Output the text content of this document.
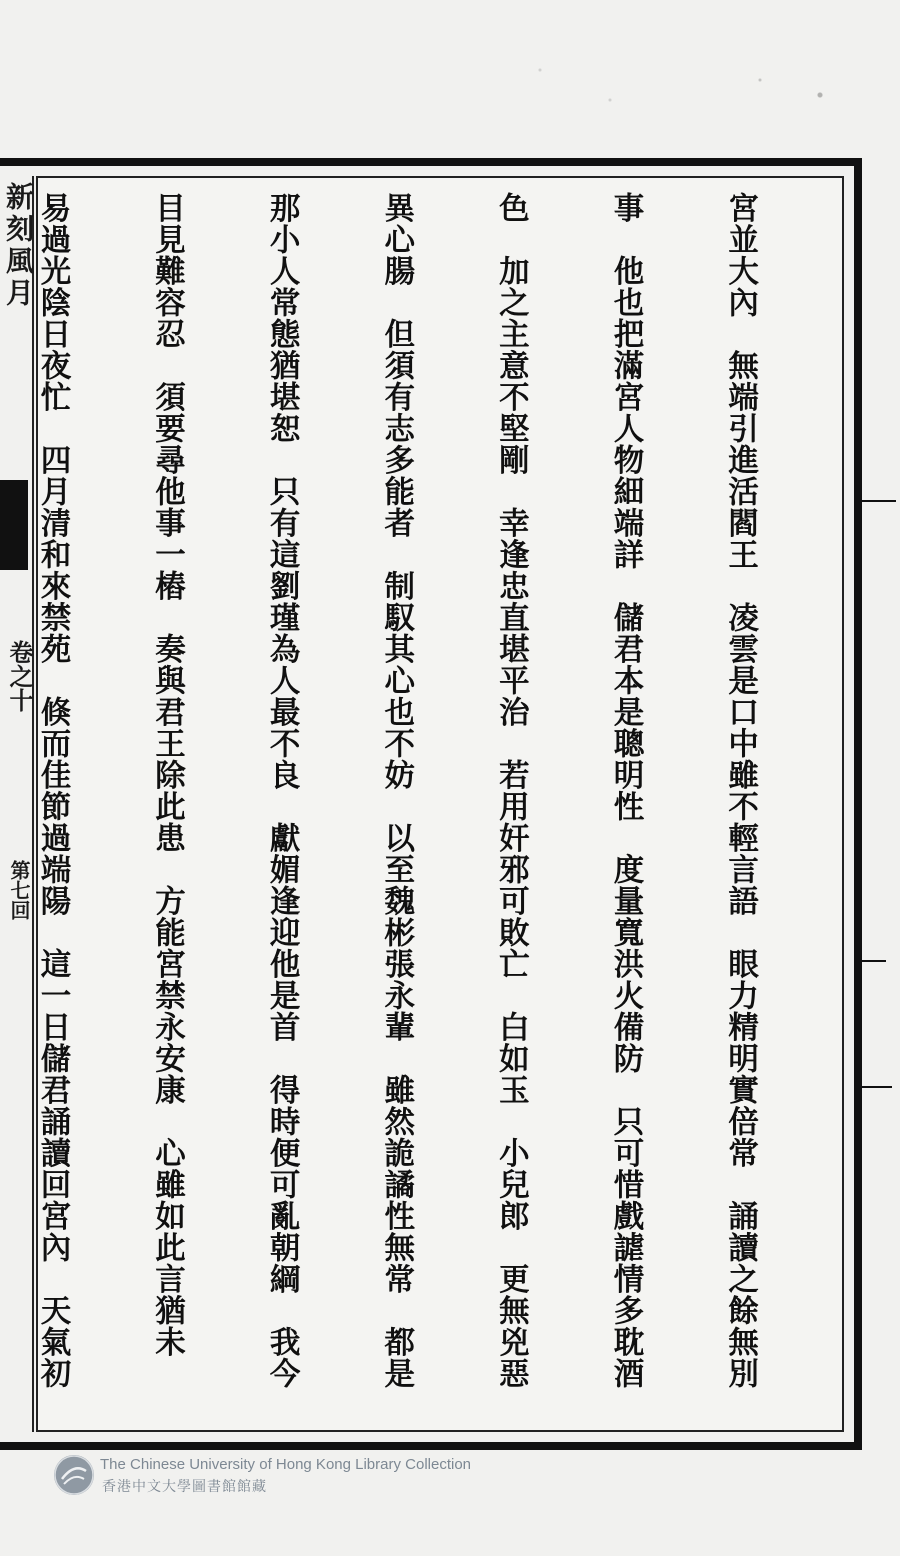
新刻風月
卷之十
第七回

	宮並大內　無端引進活閻王　凌雲是口中雖不輕言語　眼力精明實倍常　誦讀之餘無別

事　他也把滿宮人物細端詳　儲君本是聰明性　度量寬洪火備防　只可惜戲謔情多耽酒

色　加之主意不堅剛　幸逢忠直堪平治　若用奸邪可敗亡　白如玉　小兒郎　更無兇惡

異心腸　但須有志多能者　制馭其心也不妨　以至魏彬張永輩　雖然詭譎性無常　都是

那小人常態猶堪恕　只有這劉瑾為人最不良　獻媚逢迎他是首　得時便可亂朝綱　我今

目見難容忍　須要尋他事一樁　奏與君王除此患　方能宮禁永安康　心雖如此言猶未

易過光陰日夜忙　四月清和來禁苑　倏而佳節過端陽　這一日儲君誦讀回宮內　天氣初

The Chinese University of Hong Kong Library Collection
香港中文大學圖書館館藏
